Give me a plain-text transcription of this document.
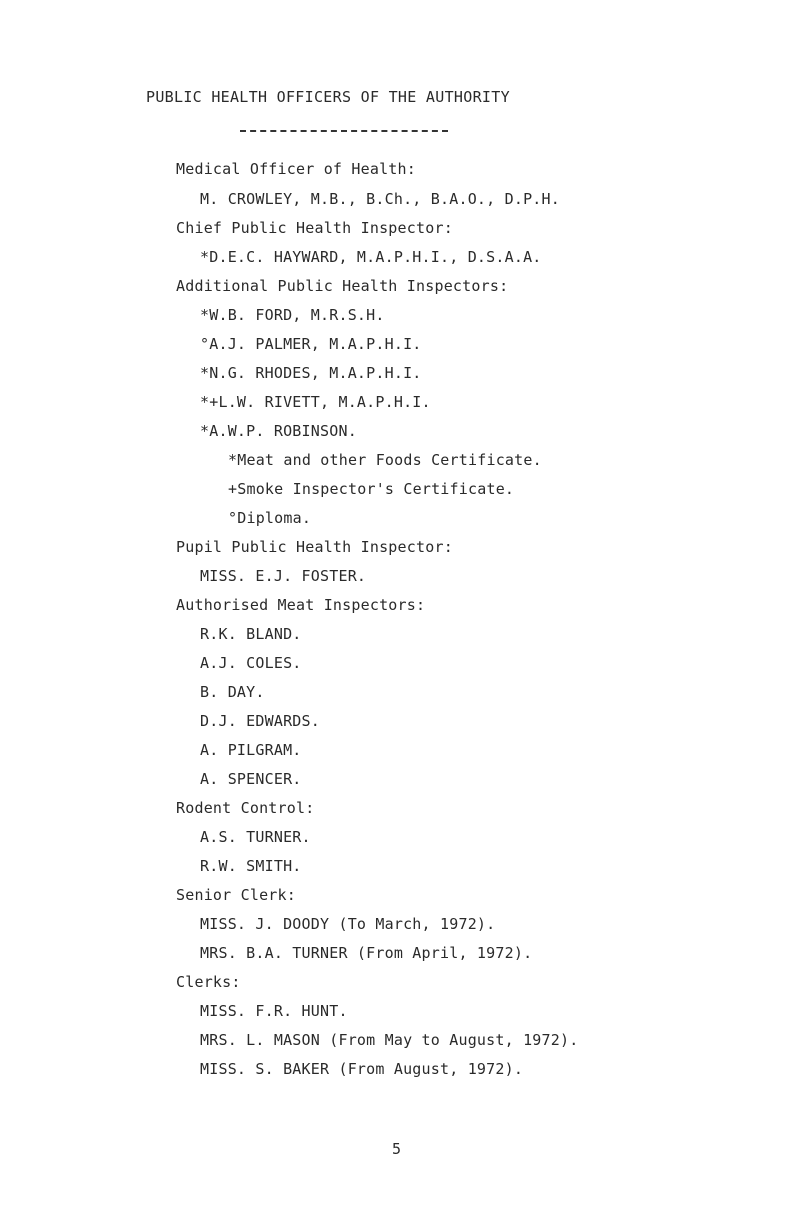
PUBLIC HEALTH OFFICERS OF THE AUTHORITY
Medical Officer of Health:
M. CROWLEY, M.B., B.Ch., B.A.O., D.P.H.
Chief Public Health Inspector:
*D.E.C. HAYWARD, M.A.P.H.I., D.S.A.A.
Additional Public Health Inspectors:
*W.B. FORD, M.R.S.H.
°A.J. PALMER, M.A.P.H.I.
*N.G. RHODES, M.A.P.H.I.
*+L.W. RIVETT, M.A.P.H.I.
*A.W.P. ROBINSON.
*Meat and other Foods Certificate.
+Smoke Inspector's Certificate.
°Diploma.
Pupil Public Health Inspector:
MISS. E.J. FOSTER.
Authorised Meat Inspectors:
R.K. BLAND.
A.J. COLES.
B. DAY.
D.J. EDWARDS.
A. PILGRAM.
A. SPENCER.
Rodent Control:
A.S. TURNER.
R.W. SMITH.
Senior Clerk:
MISS. J. DOODY (To March, 1972).
MRS. B.A. TURNER (From April, 1972).
Clerks:
MISS. F.R. HUNT.
MRS. L. MASON (From May to August, 1972).
MISS. S. BAKER (From August, 1972).
5
